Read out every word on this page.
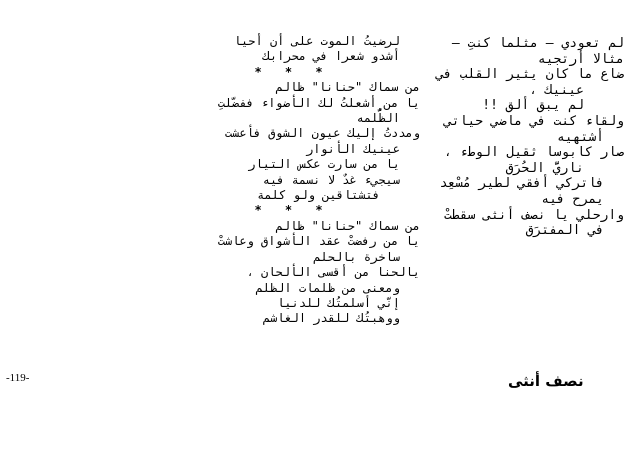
لرضيتُ الموت على أن أحيا
أشدو شعرا في محرابك
* * *
من سماك "حنانا" ظالم
يا من أشعلتُ لك الأضواء ففضّلتِ
الظُّلمه
ومددتُ إليك عيون الشوق فأعشت
عينيك الأنوار
يا من سارت عكس التيار
سيجيء غدٌ لا نسمة فيه
فتشتاقين ولو كلمة
* * *
من سماك "حنانا" ظالم
يا من رفضتْ عقد الأشواق وعاشتْ
ساخرة بالحلم
يالحنا من أقسى الألحان ،
ومعنى من ظلمات الظلم
إنّي أسلمتُك للدنيا
ووهبتُك للقدر الغاشم
لم تعودي – مثلما كنتِ –
مثالا أرتجيه
ضاع ما كان يثير القلب في
عينيك ،
لم يبق ألق !!
ولقاء كنت في ماضي حياتي
أشتهيه
صار كابوسا ثقيل الوطء ،
ناريَّ الحُرَق
فاتركي أفقي لطير مُسْعِد
يمرح فيه
وارحلي يا نصف أنثى سقطتْ
في المفترَق
-119-	نصف أنثى
